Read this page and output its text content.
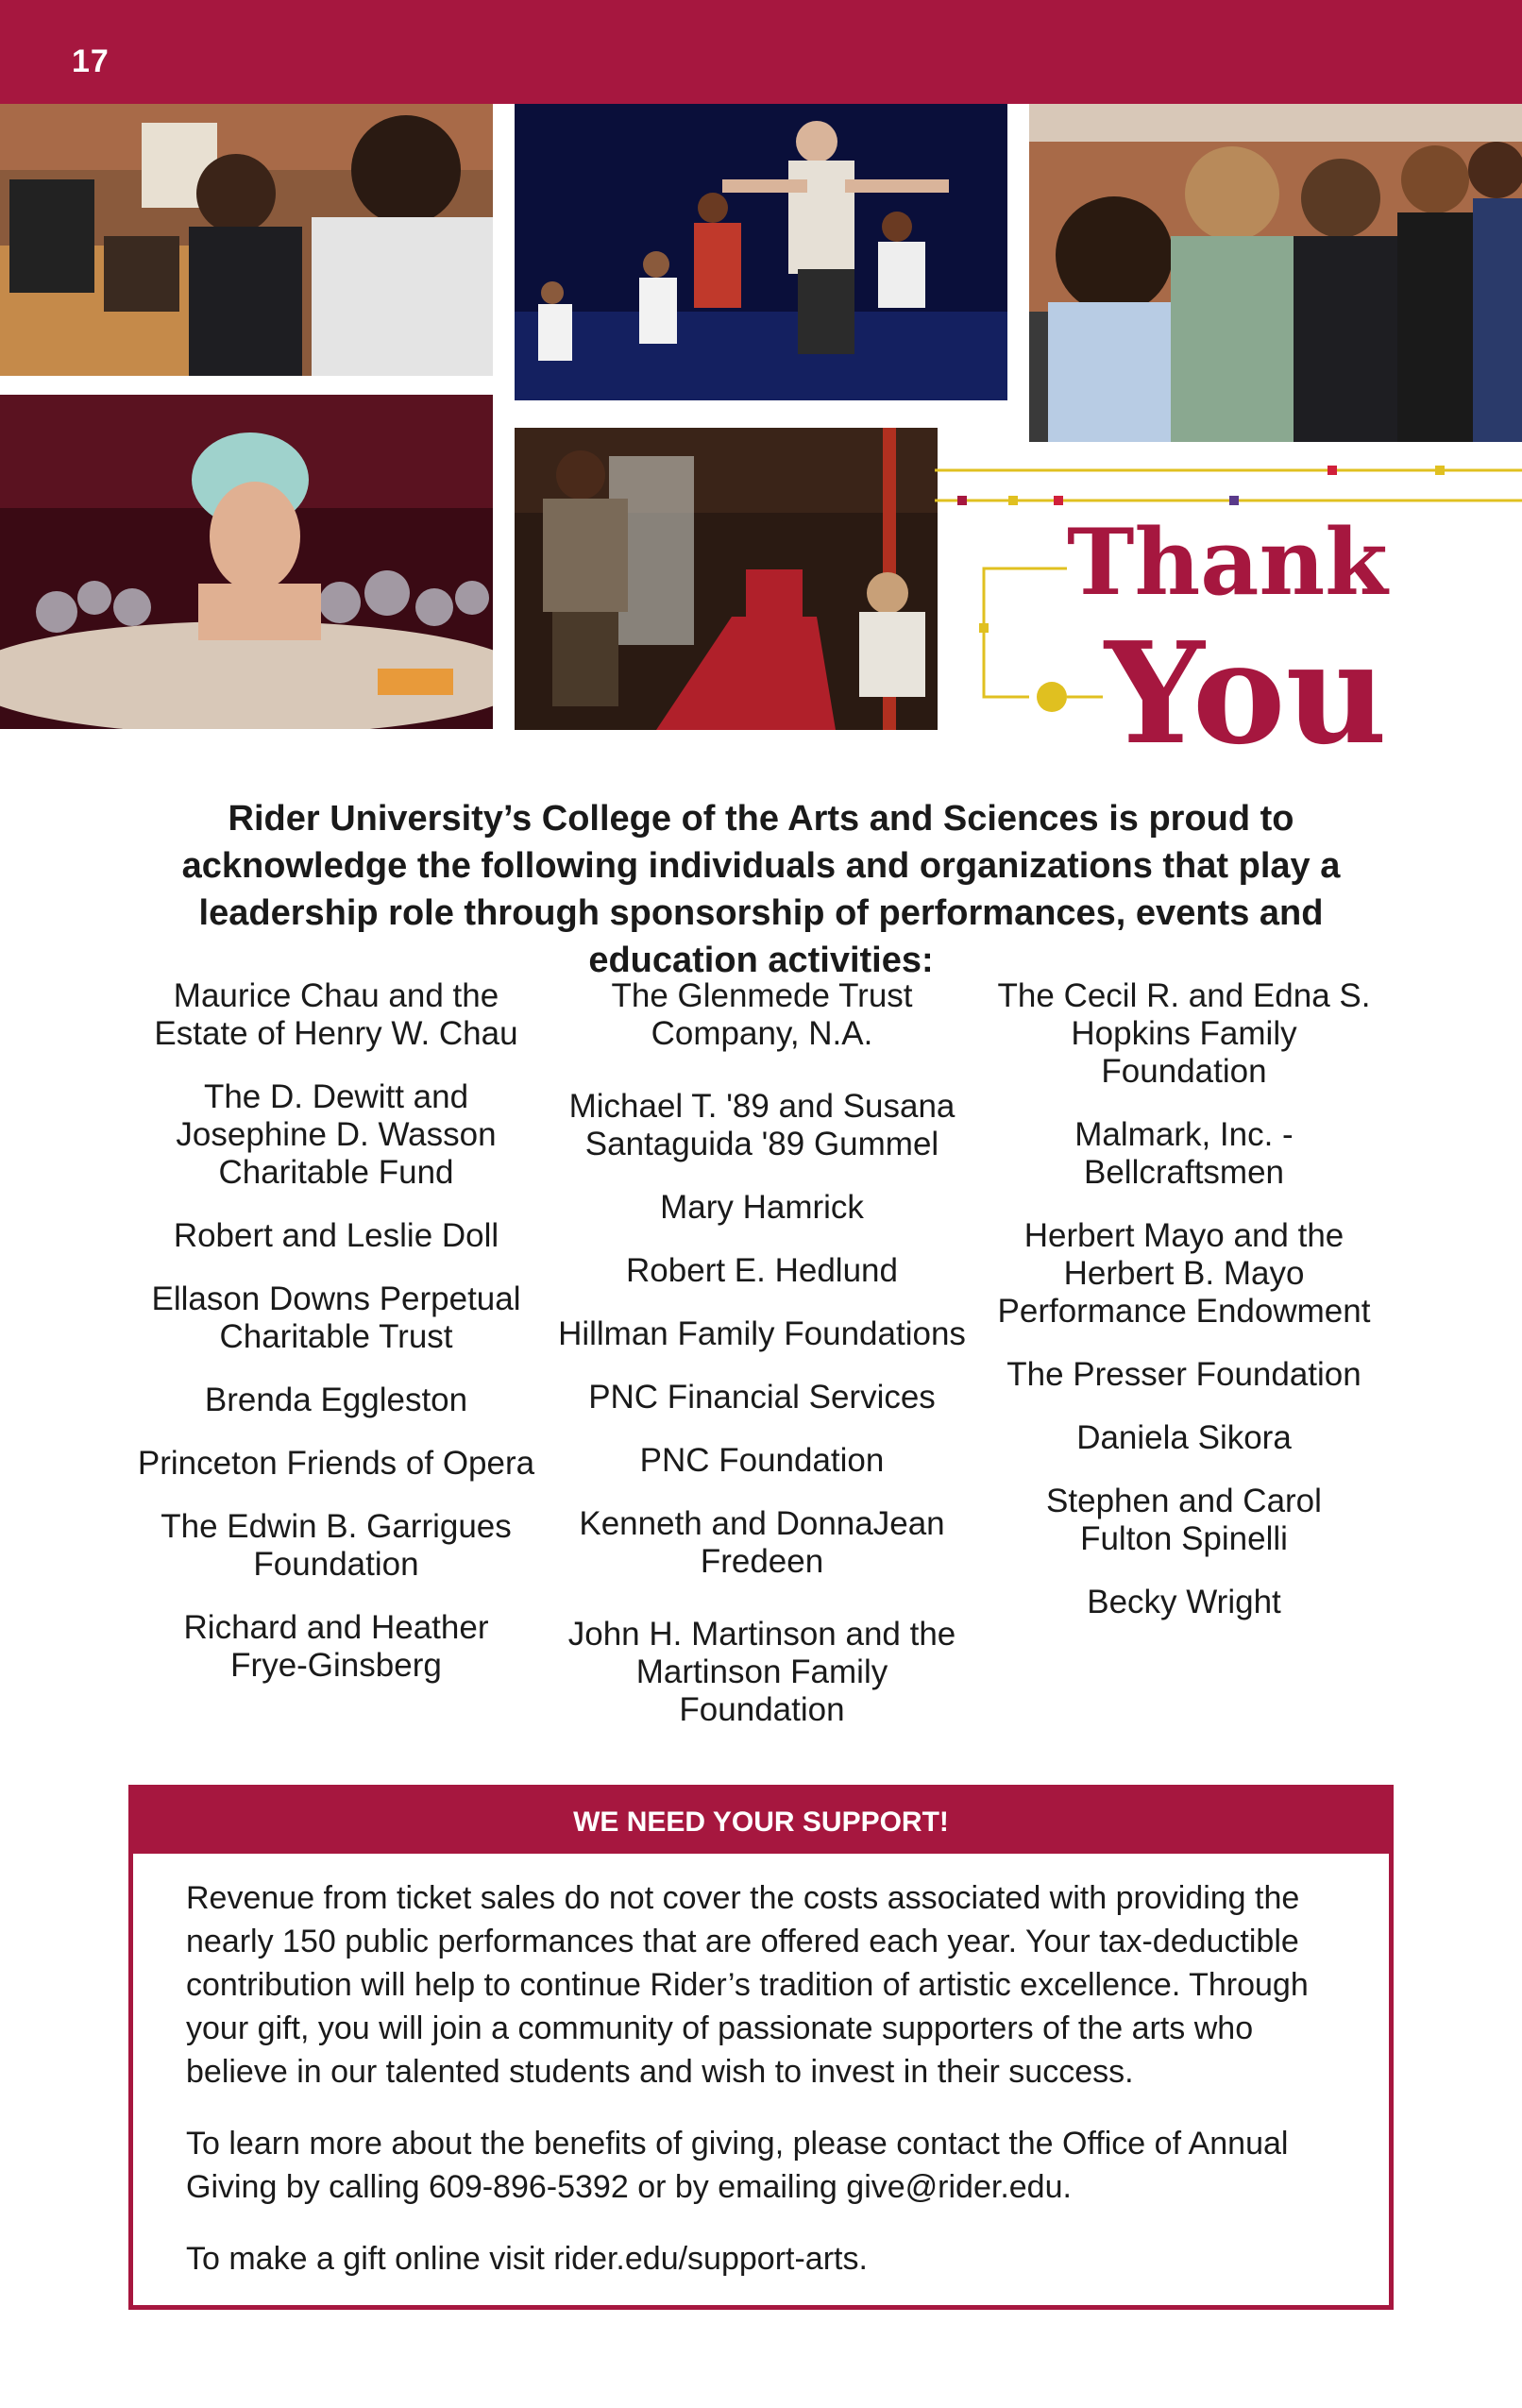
17
Thank
You
Rider University’s College of the Arts and Sciences is proud to acknowledge the following individuals and organizations that play a leadership role through sponsorship of performances, events and education activities:
Maurice Chau and the
Estate of Henry W. Chau
The D. Dewitt and
Josephine D. Wasson
Charitable Fund
Robert and Leslie Doll
Ellason Downs Perpetual
Charitable Trust
Brenda Eggleston
Princeton Friends of Opera
The Edwin B. Garrigues
Foundation
Richard and Heather
Frye-Ginsberg
The Glenmede Trust
Company, N.A.
Michael T. '89 and Susana
Santaguida '89 Gummel
Mary Hamrick
Robert E. Hedlund
Hillman Family Foundations
PNC Financial Services
PNC Foundation
Kenneth and DonnaJean
Fredeen
John H. Martinson and the
Martinson Family
Foundation
The Cecil R. and Edna S.
Hopkins Family
Foundation
Malmark, Inc. -
Bellcraftsmen
Herbert Mayo and the
Herbert B. Mayo
Performance Endowment
The Presser Foundation
Daniela Sikora
Stephen and Carol
Fulton Spinelli
Becky Wright
WE NEED YOUR SUPPORT!

Revenue from ticket sales do not cover the costs associated with providing the nearly 150 public performances that are offered each year. Your tax-deductible contribution will help to continue Rider’s tradition of artistic excellence. Through your gift, you will join a community of passionate supporters of the arts who believe in our talented students and wish to invest in their success.

To learn more about the benefits of giving, please contact the Office of Annual Giving by calling 609-896-5392 or by emailing give@rider.edu.

To make a gift online visit rider.edu/support-arts.
